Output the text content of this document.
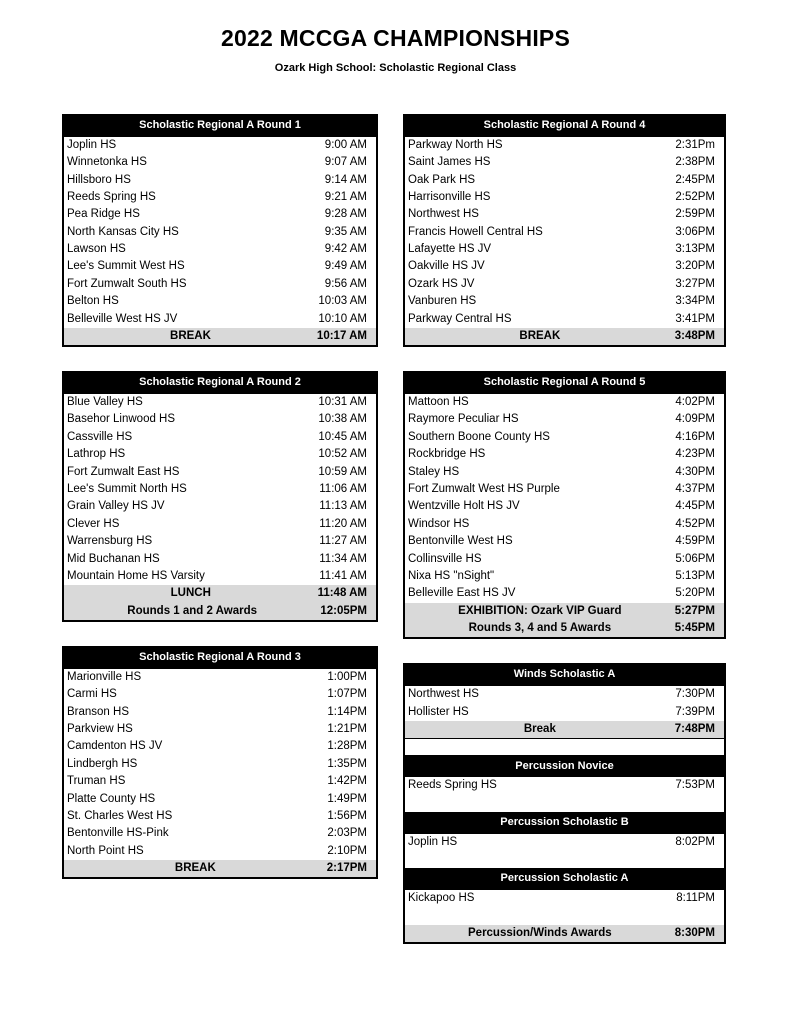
2022 MCCGA CHAMPIONSHIPS
Ozark High School: Scholastic Regional Class
Scholastic Regional A Round 1
Joplin HS	9:00 AM
Winnetonka HS	9:07 AM
Hillsboro HS	9:14 AM
Reeds Spring HS	9:21 AM
Pea Ridge HS	9:28 AM
North Kansas City HS	9:35 AM
Lawson HS	9:42 AM
Lee's Summit West HS	9:49 AM
Fort Zumwalt South HS	9:56 AM
Belton HS	10:03 AM
Belleville West HS JV	10:10 AM
BREAK	10:17 AM
Scholastic Regional A Round 2
Blue Valley HS	10:31 AM
Basehor Linwood HS	10:38 AM
Cassville HS	10:45 AM
Lathrop HS	10:52 AM
Fort Zumwalt East HS	10:59 AM
Lee's Summit North HS	11:06 AM
Grain Valley HS JV	11:13 AM
Clever HS	11:20 AM
Warrensburg HS	11:27 AM
Mid Buchanan HS	11:34 AM
Mountain Home HS Varsity	11:41 AM
LUNCH	11:48 AM
Rounds 1 and 2 Awards	12:05PM
Scholastic Regional A Round 3
Marionville HS	1:00PM
Carmi HS	1:07PM
Branson HS	1:14PM
Parkview HS	1:21PM
Camdenton HS JV	1:28PM
Lindbergh HS	1:35PM
Truman HS	1:42PM
Platte County HS	1:49PM
St. Charles West HS	1:56PM
Bentonville HS-Pink	2:03PM
North Point HS	2:10PM
BREAK	2:17PM
Scholastic Regional A Round 4
Parkway North HS	2:31Pm
Saint James HS	2:38PM
Oak Park HS	2:45PM
Harrisonville HS	2:52PM
Northwest HS	2:59PM
Francis Howell Central HS	3:06PM
Lafayette HS JV	3:13PM
Oakville HS JV	3:20PM
Ozark HS JV	3:27PM
Vanburen HS	3:34PM
Parkway Central HS	3:41PM
BREAK	3:48PM
Scholastic Regional A Round 5
Mattoon HS	4:02PM
Raymore Peculiar HS	4:09PM
Southern Boone County HS	4:16PM
Rockbridge HS	4:23PM
Staley HS	4:30PM
Fort Zumwalt West HS Purple	4:37PM
Wentzville Holt HS JV	4:45PM
Windsor HS	4:52PM
Bentonville West HS	4:59PM
Collinsville HS	5:06PM
Nixa HS "nSight"	5:13PM
Belleville East HS JV	5:20PM
EXHIBITION: Ozark VIP Guard	5:27PM
Rounds 3, 4 and 5 Awards	5:45PM
Winds Scholastic A
Northwest HS	7:30PM
Hollister HS	7:39PM
Break	7:48PM
Percussion Novice
Reeds Spring HS	7:53PM
Percussion Scholastic B
Joplin HS	8:02PM
Percussion Scholastic A
Kickapoo HS	8:11PM
Percussion/Winds Awards	8:30PM
